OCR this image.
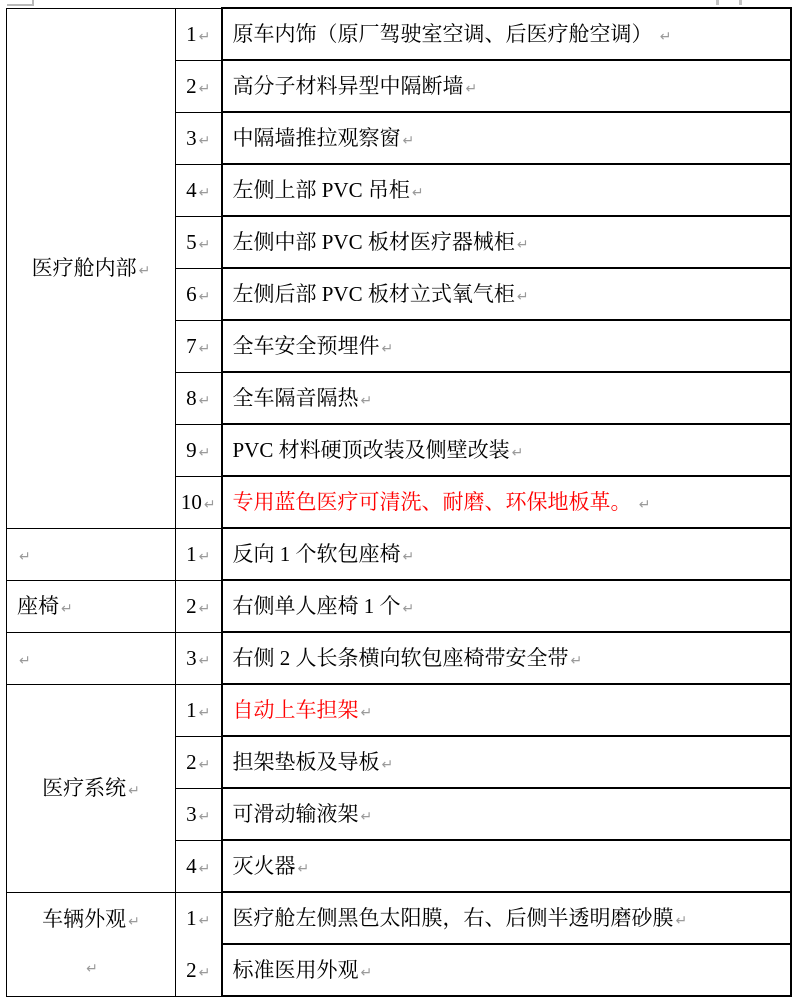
医疗舱内部 ↵	1 ↵	原车内饰（原厂驾驶室空调、后医疗舱空调） ↵
	2 ↵	高分子材料异型中隔断墙 ↵
	3 ↵	中隔墙推拉观察窗 ↵
	4 ↵	左侧上部 PVC 吊柜 ↵
	5 ↵	左侧中部 PVC 板材医疗器械柜 ↵
	6 ↵	左侧后部 PVC 板材立式氧气柜 ↵
	7 ↵	全车安全预埋件 ↵
	8 ↵	全车隔音隔热 ↵
	9 ↵	PVC 材料硬顶改装及侧壁改装 ↵
	10 ↵	专用蓝色医疗可清洗、耐磨、环保地板革。 ↵
↵	1 ↵	反向 1 个软包座椅 ↵
座椅 ↵	2 ↵	右侧单人座椅 1 个 ↵
↵	3 ↵	右侧 2 人长条横向软包座椅带安全带 ↵
医疗系统 ↵	1 ↵	自动上车担架 ↵
	2 ↵	担架垫板及导板 ↵
	3 ↵	可滑动输液架 ↵
	4 ↵	灭火器 ↵

车辆外观 ↵
↵	1 ↵	医疗舱左侧黑色太阳膜，右、后侧半透明磨砂膜 ↵
	2 ↵	标准医用外观 ↵
